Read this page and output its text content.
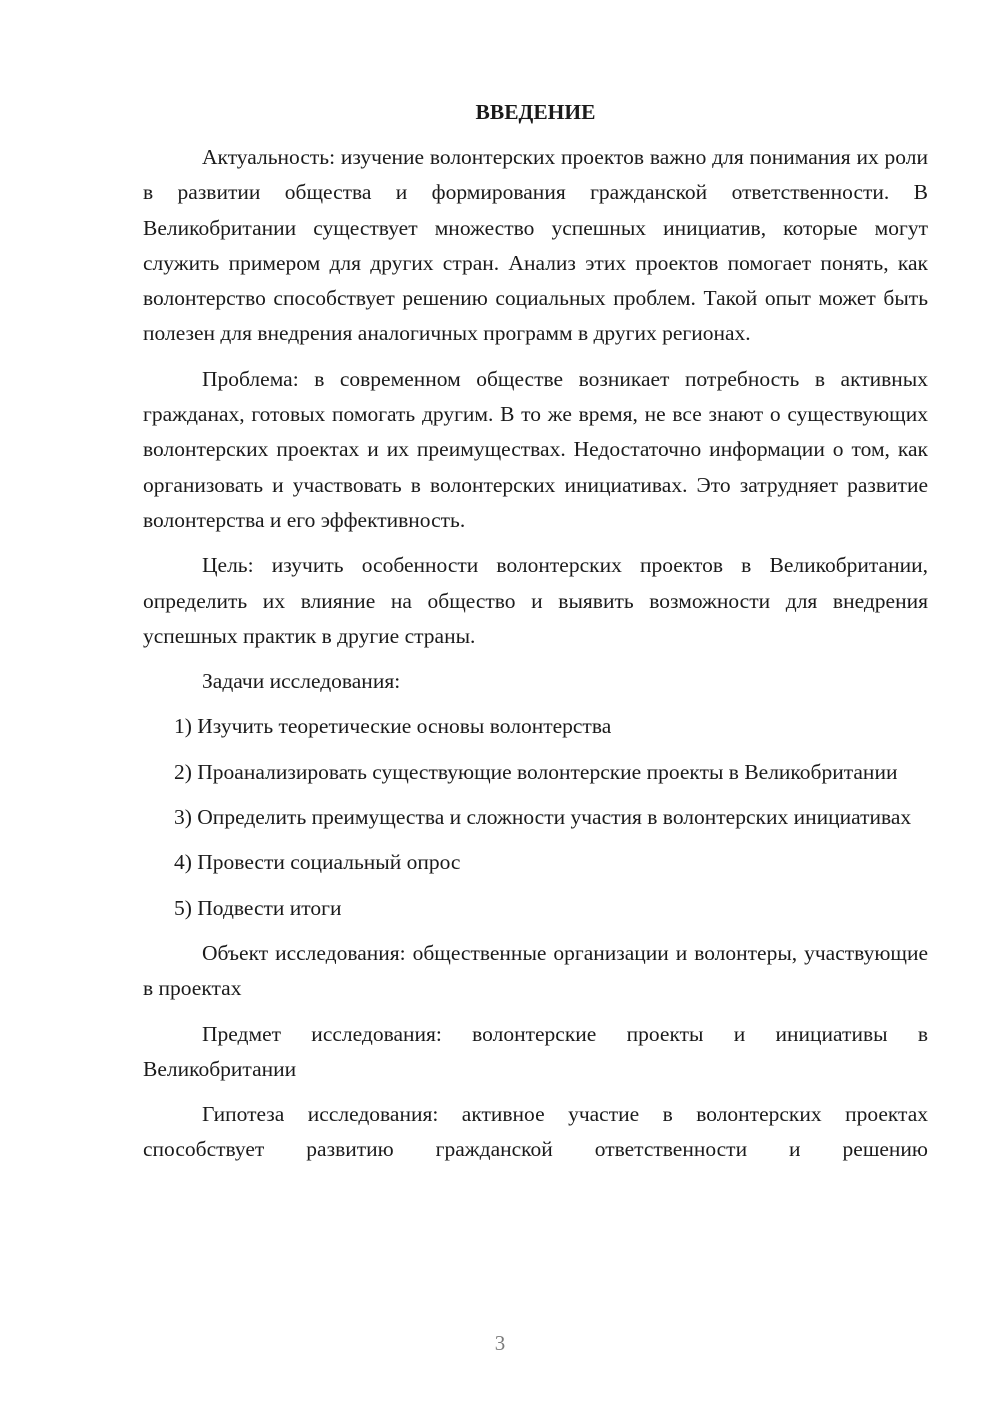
ВВЕДЕНИЕ
Актуальность: изучение волонтерских проектов важно для понимания их роли в развитии общества и формирования гражданской ответственности. В Великобритании существует множество успешных инициатив, которые могут служить примером для других стран. Анализ этих проектов помогает понять, как волонтерство способствует решению социальных проблем. Такой опыт может быть полезен для внедрения аналогичных программ в других регионах.
Проблема: в современном обществе возникает потребность в активных гражданах, готовых помогать другим. В то же время, не все знают о существующих волонтерских проектах и их преимуществах. Недостаточно информации о том, как организовать и участвовать в волонтерских инициативах. Это затрудняет развитие волонтерства и его эффективность.
Цель: изучить особенности волонтерских проектов в Великобритании, определить их влияние на общество и выявить возможности для внедрения успешных практик в другие страны.
Задачи исследования:
1) Изучить теоретические основы волонтерства
2) Проанализировать существующие волонтерские проекты в Великобритании
3) Определить преимущества и сложности участия в волонтерских инициативах
4) Провести социальный опрос
5) Подвести итоги
Объект исследования: общественные организации и волонтеры, участвующие в проектах
Предмет исследования: волонтерские проекты и инициативы в Великобритании
Гипотеза исследования: активное участие в волонтерских проектах способствует развитию гражданской ответственности и решению
3
